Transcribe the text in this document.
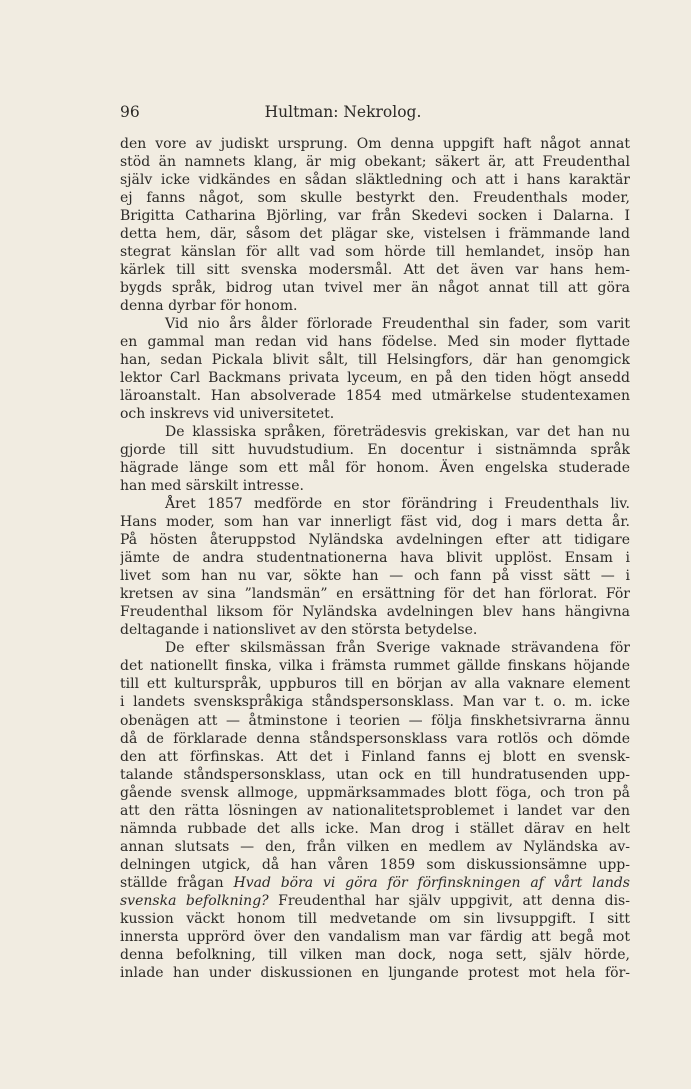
96	Hultman: Nekrolog.
den vore av judiskt ursprung. Om denna uppgift haft något annat
stöd än namnets klang, är mig obekant; säkert är, att Freudenthal
själv icke vidkändes en sådan släktledning och att i hans karaktär
ej fanns något, som skulle bestyrkt den. Freudenthals moder,
Brigitta Catharina Björling, var från Skedevi socken i Dalarna. I
detta hem, där, såsom det plägar ske, vistelsen i främmande land
stegrat känslan för allt vad som hörde till hemlandet, insöp han
kärlek till sitt svenska modersmål. Att det även var hans hem-
bygds språk, bidrog utan tvivel mer än något annat till att göra
denna dyrbar för honom.
Vid nio års ålder förlorade Freudenthal sin fader, som varit
en gammal man redan vid hans födelse. Med sin moder flyttade
han, sedan Pickala blivit sålt, till Helsingfors, där han genomgick
lektor Carl Backmans privata lyceum, en på den tiden högt ansedd
läroanstalt. Han absolverade 1854 med utmärkelse studentexamen
och inskrevs vid universitetet.
De klassiska språken, företrädesvis grekiskan, var det han nu
gjorde till sitt huvudstudium. En docentur i sistnämnda språk
hägrade länge som ett mål för honom. Även engelska studerade
han med särskilt intresse.
Året 1857 medförde en stor förändring i Freudenthals liv.
Hans moder, som han var innerligt fäst vid, dog i mars detta år.
På hösten återuppstod Nyländska avdelningen efter att tidigare
jämte de andra studentnationerna hava blivit upplöst. Ensam i
livet som han nu var, sökte han — och fann på visst sätt — i
kretsen av sina ”landsmän” en ersättning för det han förlorat. För
Freudenthal liksom för Nyländska avdelningen blev hans hängivna
deltagande i nationslivet av den största betydelse.
De efter skilsmässan från Sverige vaknade strävandena för
det nationellt finska, vilka i främsta rummet gällde finskans höjande
till ett kulturspråk, uppburos till en början av alla vaknare element
i landets svenskspråkiga ståndspersonsklass. Man var t. o. m. icke
obenägen att — åtminstone i teorien — följa finskhetsivrarna ännu
då de förklarade denna ståndspersonsklass vara rotlös och dömde
den att förfinskas. Att det i Finland fanns ej blott en svensk-
talande ståndspersonsklass, utan ock en till hundratusenden upp-
gående svensk allmoge, uppmärksammades blott föga, och tron på
att den rätta lösningen av nationalitetsproblemet i landet var den
nämnda rubbade det alls icke. Man drog i stället därav en helt
annan slutsats — den, från vilken en medlem av Nyländska av-
delningen utgick, då han våren 1859 som diskussionsämne upp-
ställde frågan Hvad böra vi göra för förfinskningen af vårt lands
svenska befolkning? Freudenthal har själv uppgivit, att denna dis-
kussion väckt honom till medvetande om sin livsuppgift. I sitt
innersta upprörd över den vandalism man var färdig att begå mot
denna befolkning, till vilken man dock, noga sett, själv hörde,
inlade han under diskussionen en ljungande protest mot hela för-
